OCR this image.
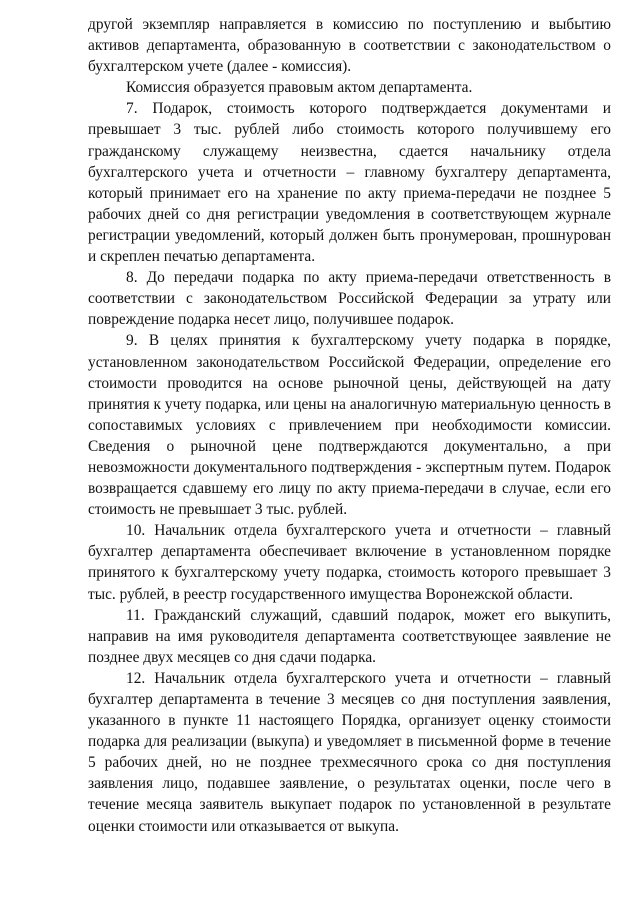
другой экземпляр направляется в комиссию по поступлению и выбытию активов департамента, образованную в соответствии с законодательством о бухгалтерском учете (далее - комиссия).

Комиссия образуется правовым актом департамента.

7. Подарок, стоимость которого подтверждается документами и превышает 3 тыс. рублей либо стоимость которого получившему его гражданскому служащему неизвестна, сдается начальнику отдела бухгалтерского учета и отчетности – главному бухгалтеру департамента, который принимает его на хранение по акту приема-передачи не позднее 5 рабочих дней со дня регистрации уведомления в соответствующем журнале регистрации уведомлений, который должен быть пронумерован, прошнурован и скреплен печатью департамента.

8. До передачи подарка по акту приема-передачи ответственность в соответствии с законодательством Российской Федерации за утрату или повреждение подарка несет лицо, получившее подарок.

9. В целях принятия к бухгалтерскому учету подарка в порядке, установленном законодательством Российской Федерации, определение его стоимости проводится на основе рыночной цены, действующей на дату принятия к учету подарка, или цены на аналогичную материальную ценность в сопоставимых условиях с привлечением при необходимости комиссии. Сведения о рыночной цене подтверждаются документально, а при невозможности документального подтверждения - экспертным путем. Подарок возвращается сдавшему его лицу по акту приема-передачи в случае, если его стоимость не превышает 3 тыс. рублей.

10. Начальник отдела бухгалтерского учета и отчетности – главный бухгалтер департамента обеспечивает включение в установленном порядке принятого к бухгалтерскому учету подарка, стоимость которого превышает 3 тыс. рублей, в реестр государственного имущества Воронежской области.

11. Гражданский служащий, сдавший подарок, может его выкупить, направив на имя руководителя департамента соответствующее заявление не позднее двух месяцев со дня сдачи подарка.

12. Начальник отдела бухгалтерского учета и отчетности – главный бухгалтер департамента в течение 3 месяцев со дня поступления заявления, указанного в пункте 11 настоящего Порядка, организует оценку стоимости подарка для реализации (выкупа) и уведомляет в письменной форме в течение 5 рабочих дней, но не позднее трехмесячного срока со дня поступления заявления лицо, подавшее заявление, о результатах оценки, после чего в течение месяца заявитель выкупает подарок по установленной в результате оценки стоимости или отказывается от выкупа.
